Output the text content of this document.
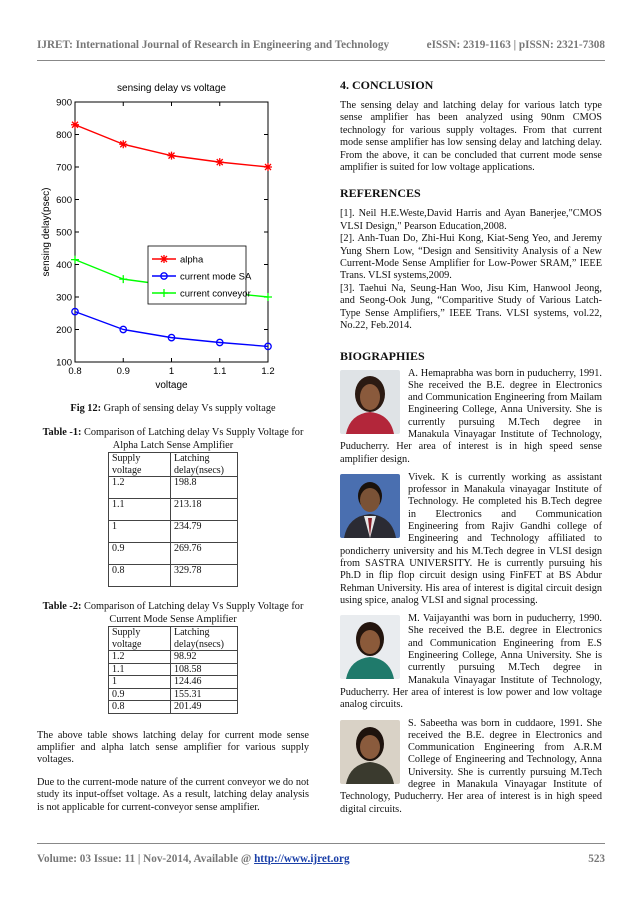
IJRET: International Journal of Research in Engineering and Technology	eISSN: 2319-1163 | pISSN: 2321-7308
sensing delay vs voltage
voltage
sensing delay(psec)
0.8	0.9	1	1.1	1.2
100
200
300
400
500
600
700
800
900
alpha
current mode SA
current conveyor
Fig 12: Graph of sensing delay Vs supply voltage
Table -1: Comparison of Latching delay Vs Supply Voltage for Alpha Latch Sense Amplifier
Supply voltage	Latching delay(nsecs)
1.2	198.8
1.1	213.18
1	234.79
0.9	269.76
0.8	329.78
Table -2: Comparison of Latching delay Vs Supply Voltage for Current Mode Sense Amplifier
Supply voltage	Latching delay(nsecs)
1.2	98.92
1.1	108.58
1	124.46
0.9	155.31
0.8	201.49

The above table shows latching delay for current mode sense amplifier and alpha latch sense amplifier for various supply voltages.

Due to the current-mode nature of the current conveyor we do not study its input-offset voltage. As a result, latching delay analysis is not applicable for current-conveyor sense amplifier.

4. CONCLUSION

The sensing delay and latching delay for various latch type sense amplifier has been analyzed using 90nm CMOS technology for various supply voltages. From that current mode sense amplifier has low sensing delay and latching delay. From the above, it can be concluded that current mode sense amplifier is suited for low voltage applications.

REFERENCES

[1]. Neil H.E.Weste,David Harris and Ayan Banerjee,"CMOS VLSI Design," Pearson Education,2008.

[2]. Anh-Tuan Do, Zhi-Hui Kong, Kiat-Seng Yeo, and Jeremy Yung Shern Low, “Design and Sensitivity Analysis of a New Current-Mode Sense Amplifier for Low-Power SRAM,” IEEE Trans. VLSI systems,2009.

[3]. Taehui Na, Seung-Han Woo, Jisu Kim, Hanwool Jeong, and Seong-Ook Jung, “Comparitive Study of Various Latch-Type Sense Amplifiers,” IEEE Trans. VLSI systems, vol.22, No.22, Feb.2014.

BIOGRAPHIES

A. Hemaprabha was born in puducherry, 1991. She received the B.E. degree in Electronics and Communication Engineering from Mailam Engineering College, Anna University. She is currently pursuing M.Tech degree in Manakula Vinayagar Institute of Technology, Puducherry. Her area of interest is in high speed sense amplifier design.

Vivek. K is currently working as assistant professor in Manakula vinayagar Institute of Technology. He completed his B.Tech degree in Electronics and Communication Engineering from Rajiv Gandhi college of Engineering and Technology affiliated to pondicherry university and his M.Tech degree in VLSI design from SASTRA UNIVERSITY. He is currently pursuing his Ph.D in flip flop circuit design using FinFET at BS Abdur Rehman University. His area of interest is digital circuit design using spice, analog VLSI and signal processing.

M. Vaijayanthi was born in puducherry, 1990. She received the B.E. degree in Electronics and Communication Engineering from E.S Engineering College, Anna University. She is currently pursuing M.Tech degree in Manakula Vinayagar Institute of Technology, Puducherry. Her area of interest is low power and low voltage analog circuits.

S. Sabeetha was born in cuddaore, 1991. She received the B.E. degree in Electronics and Communication Engineering from A.R.M College of Engineering and Technology, Anna University. She is currently pursuing M.Tech degree in Manakula Vinayagar Institute of Technology, Puducherry. Her area of interest is in high speed digital circuits.

Volume: 03 Issue: 11 | Nov-2014, Available @ http://www.ijret.org	523
